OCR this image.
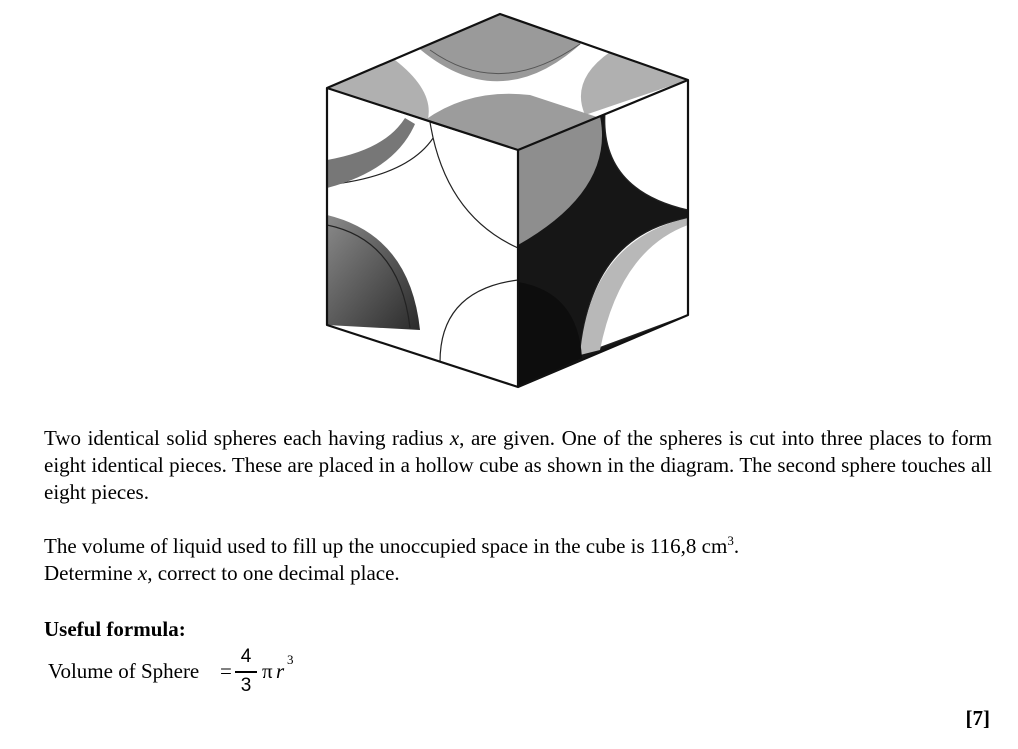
Two identical solid spheres each having radius x, are given. One of the spheres is cut into three places to form eight identical pieces. These are placed in a hollow cube as shown in the diagram. The second sphere touches all eight pieces.
The volume of liquid used to fill up the unoccupied space in the cube is 116,8 $cm^3$.
Determine x, correct to one decimal place.
Useful formula:
Volume of Sphere =
4
3
π r 3
[7]
